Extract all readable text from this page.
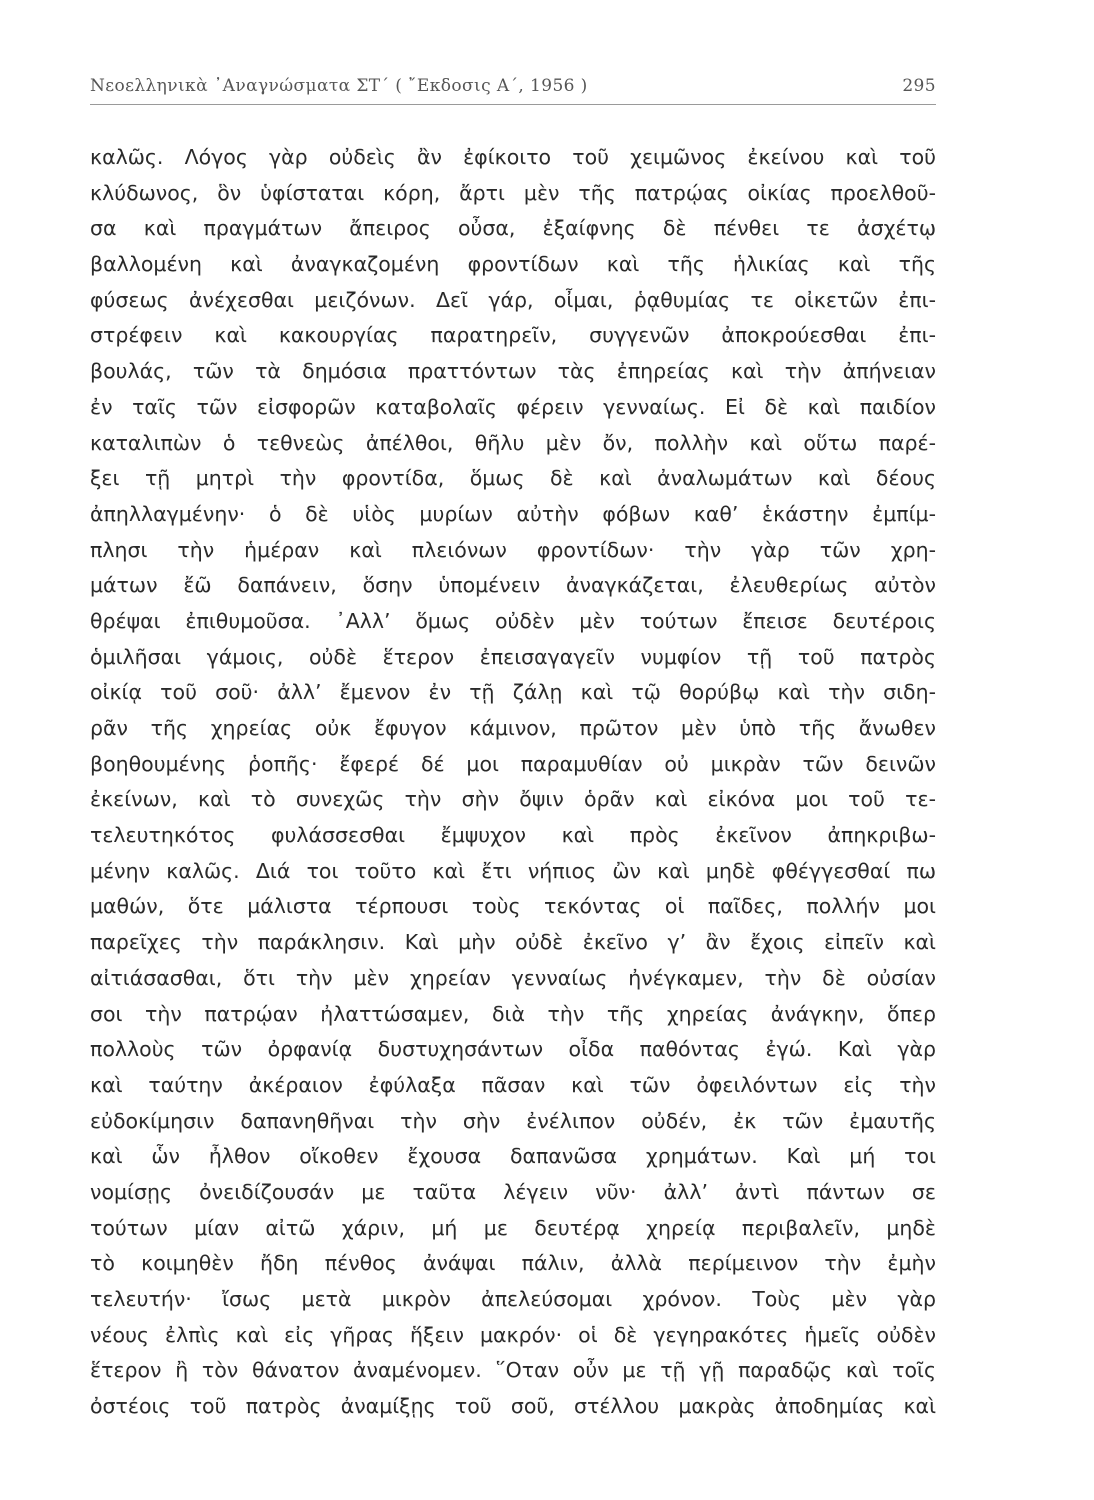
Νεοελληνικὰ ᾿Αναγνώσματα ΣΤ΄ ( ῎Εκδοσις Α΄, 1956 )	295
καλῶς. Λόγος γὰρ οὐδεὶς ἂν ἐφίκοιτο τοῦ χειμῶνος ἐκείνου καὶ τοῦ
κλύδωνος, ὃν ὑφίσταται κόρη, ἄρτι μὲν τῆς πατρῴας οἰκίας προελθοῦ-
σα καὶ πραγμάτων ἄπειρος οὖσα, ἐξαίφνης δὲ πένθει τε ἀσχέτῳ
βαλλομένη καὶ ἀναγκαζομένη φροντίδων καὶ τῆς ἡλικίας καὶ τῆς
φύσεως ἀνέχεσθαι μειζόνων. Δεῖ γάρ, οἶμαι, ῥᾳθυμίας τε οἰκετῶν ἐπι-
στρέφειν καὶ κακουργίας παρατηρεῖν, συγγενῶν ἀποκρούεσθαι ἐπι-
βουλάς, τῶν τὰ δημόσια πραττόντων τὰς ἐπηρείας καὶ τὴν ἀπήνειαν
ἐν ταῖς τῶν εἰσφορῶν καταβολαῖς φέρειν γενναίως. Εἰ δὲ καὶ παιδίον
καταλιπὼν ὁ τεθνεὼς ἀπέλθοι, θῆλυ μὲν ὄν, πολλὴν καὶ οὕτω παρέ-
ξει τῇ μητρὶ τὴν φροντίδα, ὅμως δὲ καὶ ἀναλωμάτων καὶ δέους
ἀπηλλαγμένην· ὁ δὲ υἱὸς μυρίων αὐτὴν φόβων καθ’ ἑκάστην ἐμπίμ-
πλησι τὴν ἡμέραν καὶ πλειόνων φροντίδων· τὴν γὰρ τῶν χρη-
μάτων ἔῶ δαπάνειν, ὅσην ὑπομένειν ἀναγκάζεται, ἐλευθερίως αὐτὸν
θρέψαι ἐπιθυμοῦσα. ᾿Αλλ’ ὅμως οὐδὲν μὲν τούτων ἔπεισε δευτέροις
ὁμιλῆσαι γάμοις, οὐδὲ ἕτερον ἐπεισαγαγεῖν νυμφίον τῇ τοῦ πατρὸς
οἰκίᾳ τοῦ σοῦ· ἀλλ’ ἔμενον ἐν τῇ ζάλῃ καὶ τῷ θορύβῳ καὶ τὴν σιδη-
ρᾶν τῆς χηρείας οὐκ ἔφυγον κάμινον, πρῶτον μὲν ὑπὸ τῆς ἄνωθεν
βοηθουμένης ῥοπῆς· ἔφερέ δέ μοι παραμυθίαν οὐ μικρὰν τῶν δεινῶν
ἐκείνων, καὶ τὸ συνεχῶς τὴν σὴν ὄψιν ὁρᾶν καὶ εἰκόνα μοι τοῦ τε-
τελευτηκότος φυλάσσεσθαι ἔμψυχον καὶ πρὸς ἐκεῖνον ἀπηκριβω-
μένην καλῶς. Διά τοι τοῦτο καὶ ἔτι νήπιος ὢν καὶ μηδὲ φθέγγεσθαί πω
μαθών, ὅτε μάλιστα τέρπουσι τοὺς τεκόντας οἱ παῖδες, πολλήν μοι
παρεῖχες τὴν παράκλησιν. Καὶ μὴν οὐδὲ ἐκεῖνο γ’ ἂν ἔχοις εἰπεῖν καὶ
αἰτιάσασθαι, ὅτι τὴν μὲν χηρείαν γενναίως ἠνέγκαμεν, τὴν δὲ οὐσίαν
σοι τὴν πατρῴαν ἠλαττώσαμεν, διὰ τὴν τῆς χηρείας ἀνάγκην, ὅπερ
πολλοὺς τῶν ὀρφανίᾳ δυστυχησάντων οἶδα παθόντας ἐγώ. Καὶ γὰρ
καὶ ταύτην ἀκέραιον ἐφύλαξα πᾶσαν καὶ τῶν ὀφειλόντων εἰς τὴν
εὐδοκίμησιν δαπανηθῆναι τὴν σὴν ἐνέλιπον οὐδέν, ἐκ τῶν ἐμαυτῆς
καὶ ὧν ἦλθον οἴκοθεν ἔχουσα δαπανῶσα χρημάτων. Καὶ μή τοι
νομίσῃς ὀνειδίζουσάν με ταῦτα λέγειν νῦν· ἀλλ’ ἀντὶ πάντων σε
τούτων μίαν αἰτῶ χάριν, μή με δευτέρᾳ χηρείᾳ περιβαλεῖν, μηδὲ
τὸ κοιμηθὲν ἤδη πένθος ἀνάψαι πάλιν, ἀλλὰ περίμεινον τὴν ἐμὴν
τελευτήν· ἴσως μετὰ μικρὸν ἀπελεύσομαι χρόνον. Τοὺς μὲν γὰρ
νέους ἐλπὶς καὶ εἰς γῆρας ἥξειν μακρόν· οἱ δὲ γεγηρακότες ἡμεῖς οὐδὲν
ἕτερον ἢ τὸν θάνατον ἀναμένομεν. ῞Οταν οὖν με τῇ γῇ παραδῷς καὶ τοῖς
ὀστέοις τοῦ πατρὸς ἀναμίξῃς τοῦ σοῦ, στέλλου μακρὰς ἀποδημίας καὶ
